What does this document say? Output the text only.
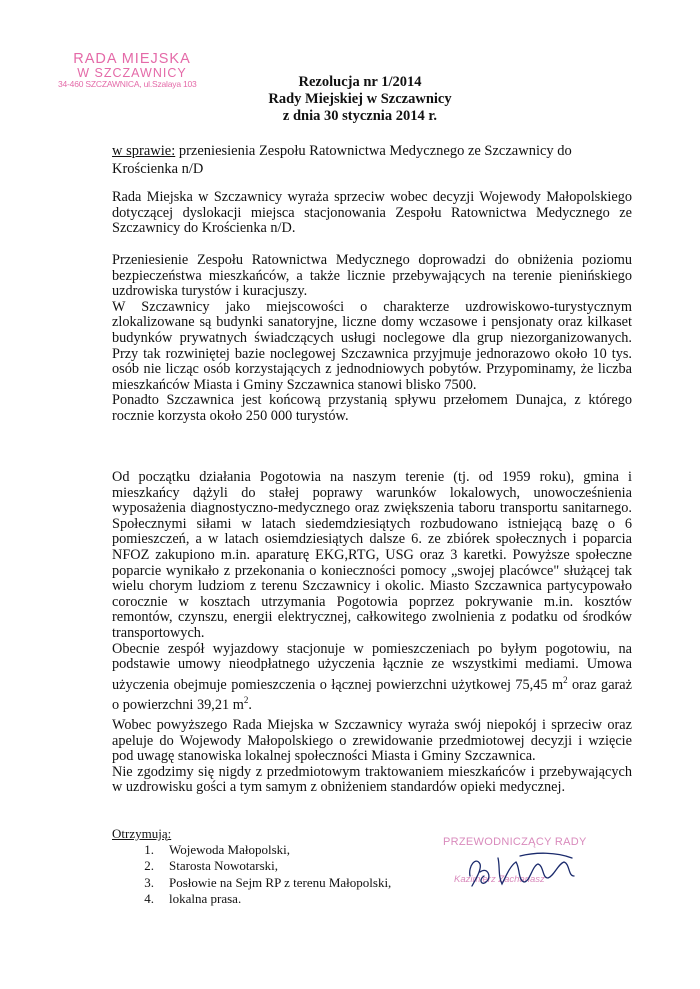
RADA MIEJSKA
W SZCZAWNICY
34-460 SZCZAWNICA, ul.Szalaya 103	Rezolucja nr 1/2014
Rady Miejskiej w Szczawnicy
z dnia 30 stycznia 2014 r.
w sprawie: przeniesienia Zespołu Ratownictwa Medycznego ze Szczawnicy do Krościenka n/D

Rada Miejska w Szczawnicy wyraża sprzeciw wobec decyzji Wojewody Małopolskiego dotyczącej dyslokacji miejsca stacjonowania Zespołu Ratownictwa Medycznego ze Szczawnicy do Krościenka n/D.

Przeniesienie Zespołu Ratownictwa Medycznego doprowadzi do obniżenia poziomu bezpieczeństwa mieszkańców, a także licznie przebywających na terenie pienińskiego uzdrowiska turystów i kuracjuszy.

W Szczawnicy jako miejscowości o charakterze uzdrowiskowo-turystycznym zlokalizowane są budynki sanatoryjne, liczne domy wczasowe i pensjonaty oraz kilkaset budynków prywatnych świadczących usługi noclegowe dla grup niezorganizowanych. Przy tak rozwiniętej bazie noclegowej Szczawnica przyjmuje jednorazowo około 10 tys. osób nie licząc osób korzystających z jednodniowych pobytów. Przypominamy, że liczba mieszkańców Miasta i Gminy Szczawnica stanowi blisko 7500.

Ponadto Szczawnica jest końcową przystanią spływu przełomem Dunajca, z którego rocznie korzysta około 250 000 turystów.

Od początku działania Pogotowia na naszym terenie (tj. od 1959 roku), gmina i mieszkańcy dążyli do stałej poprawy warunków lokalowych, unowocześnienia wyposażenia diagnostyczno-medycznego oraz zwiększenia taboru transportu sanitarnego. Społecznymi siłami w latach siedemdziesiątych rozbudowano istniejącą bazę o 6 pomieszczeń, a w latach osiemdziesiątych dalsze 6. ze zbiórek społecznych i poparcia NFOZ zakupiono m.in. aparaturę EKG,RTG, USG oraz 3 karetki. Powyższe społeczne poparcie wynikało z przekonania o konieczności pomocy „swojej placówce" służącej tak wielu chorym ludziom z terenu Szczawnicy i okolic. Miasto Szczawnica partycypowało corocznie w kosztach utrzymania Pogotowia poprzez pokrywanie m.in. kosztów remontów, czynszu, energii elektrycznej, całkowitego zwolnienia z podatku od środków transportowych.

Obecnie zespół wyjazdowy stacjonuje w pomieszczeniach po byłym pogotowiu, na podstawie umowy nieodpłatnego użyczenia łącznie ze wszystkimi mediami. Umowa użyczenia obejmuje pomieszczenia o łącznej powierzchni użytkowej 75,45 $m^2$ oraz garaż o powierzchni 39,21 $m^2$.

Wobec powyższego Rada Miejska w Szczawnicy wyraża swój niepokój i sprzeciw oraz apeluje do Wojewody Małopolskiego o zrewidowanie przedmiotowej decyzji i wzięcie pod uwagę stanowiska lokalnej społeczności Miasta i Gminy Szczawnica.

Nie zgodzimy się nigdy z przedmiotowym traktowaniem mieszkańców i przebywających w uzdrowisku gości a tym samym z obniżeniem standardów opieki medycznej.

Otrzymują:
1. Wojewoda Małopolski,
2. Starosta Nowotarski,
3. Posłowie na Sejm RP z terenu Małopolski,
4. lokalna prasa.
PRZEWODNICZĄCY RADY
Kazimierz Zachariasz
